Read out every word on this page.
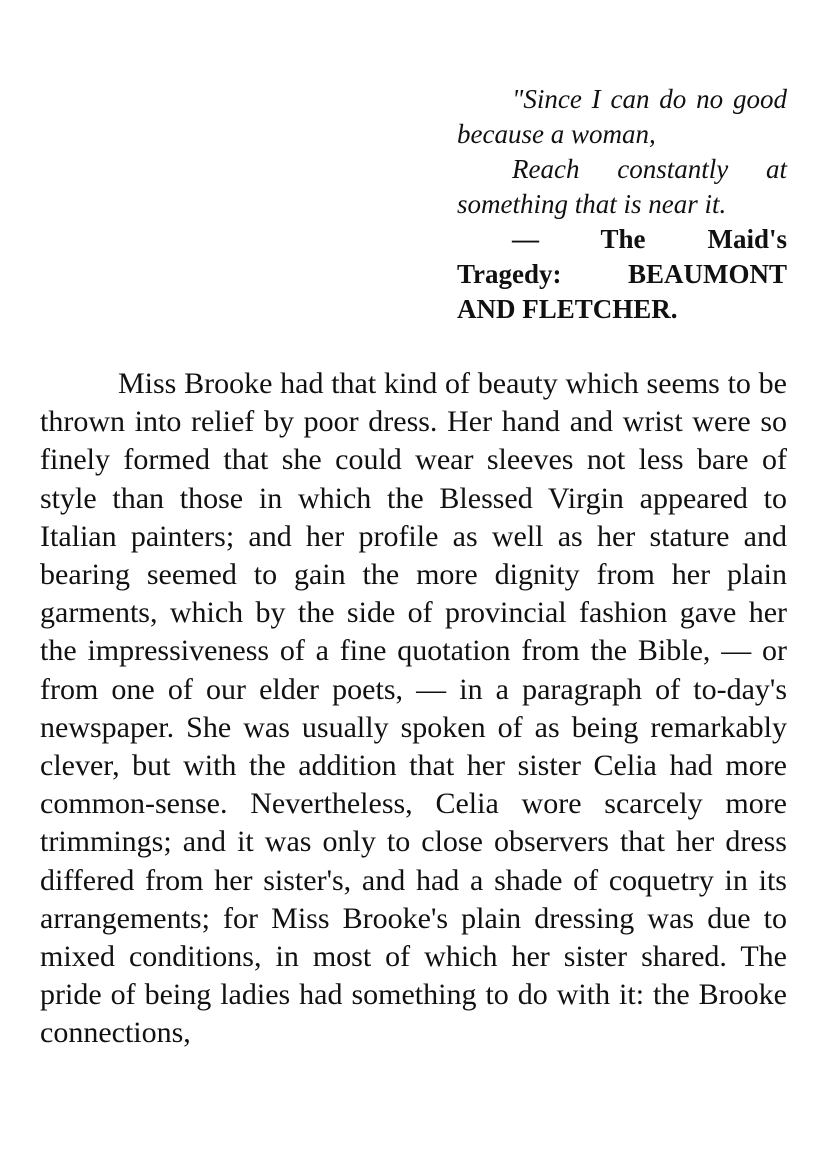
"Since I can do no good because a woman,

Reach constantly at something that is near it.

— The Maid's Tragedy: BEAUMONT AND FLETCHER.

Miss Brooke had that kind of beauty which seems to be thrown into relief by poor dress. Her hand and wrist were so finely formed that she could wear sleeves not less bare of style than those in which the Blessed Virgin appeared to Italian painters; and her profile as well as her stature and bearing seemed to gain the more dignity from her plain garments, which by the side of provincial fashion gave her the impressiveness of a fine quotation from the Bible, — or from one of our elder poets, — in a paragraph of to-day's newspaper. She was usually spoken of as being remarkably clever, but with the addition that her sister Celia had more common-sense. Nevertheless, Celia wore scarcely more trimmings; and it was only to close observers that her dress differed from her sister's, and had a shade of coquetry in its arrangements; for Miss Brooke's plain dressing was due to mixed conditions, in most of which her sister shared. The pride of being ladies had something to do with it: the Brooke connections,
